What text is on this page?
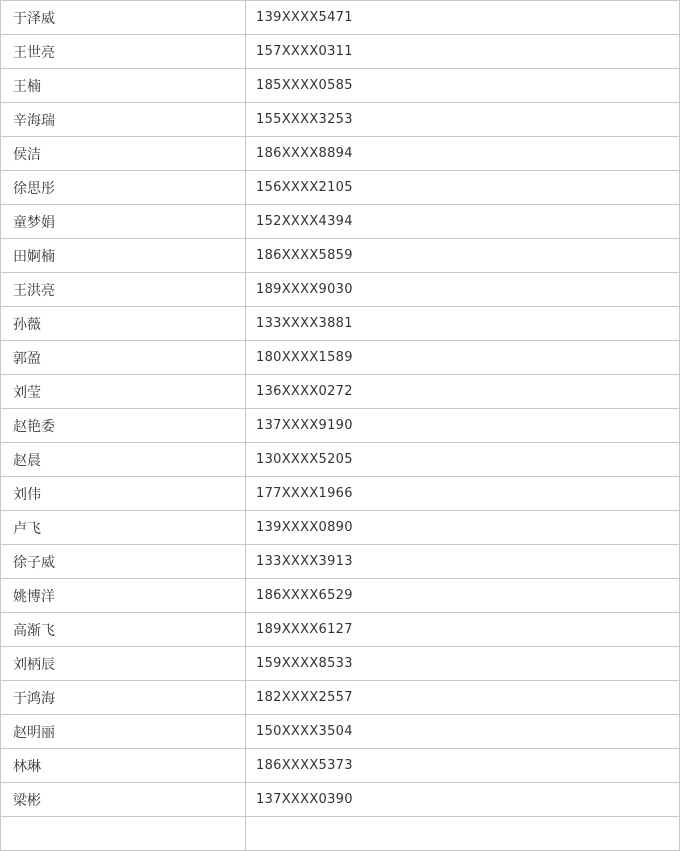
于泽威	139XXXX5471
王世亮	157XXXX0311
王楠	185XXXX0585
辛海瑞	155XXXX3253
侯洁	186XXXX8894
徐思彤	156XXXX2105
童梦娟	152XXXX4394
田婀楠	186XXXX5859
王洪亮	189XXXX9030
孙薇	133XXXX3881
郭盈	180XXXX1589
刘莹	136XXXX0272
赵艳委	137XXXX9190
赵晨	130XXXX5205
刘伟	177XXXX1966
卢飞	139XXXX0890
徐子威	133XXXX3913
姚博洋	186XXXX6529
高渐飞	189XXXX6127
刘柄辰	159XXXX8533
于鸿海	182XXXX2557
赵明丽	150XXXX3504
林琳	186XXXX5373
梁彬	137XXXX0390
